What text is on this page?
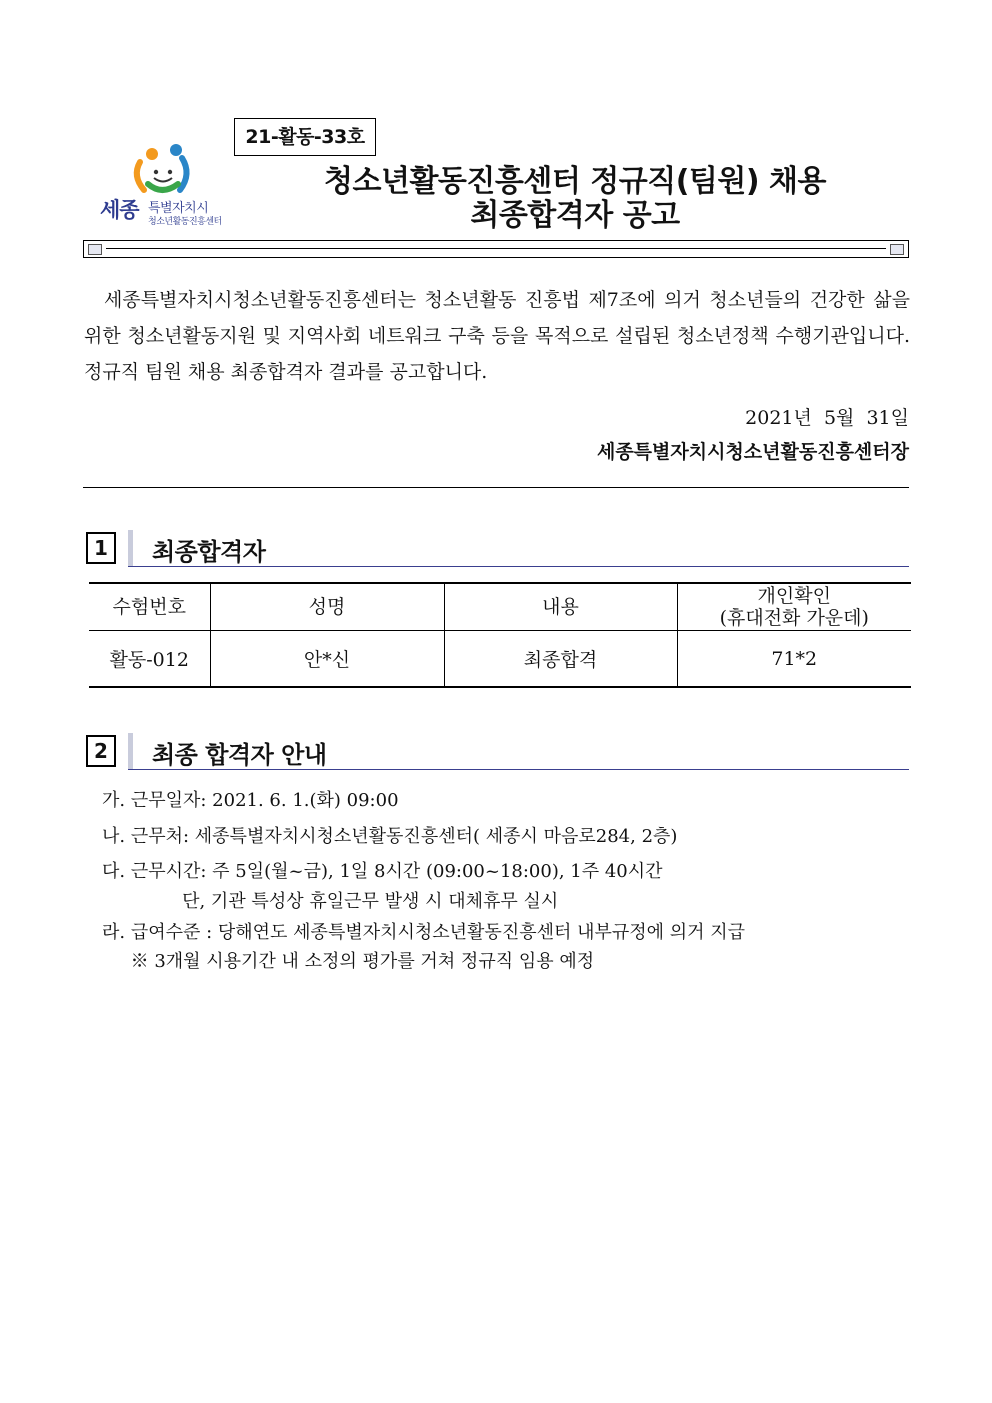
21-활동-33호
세종 특별자치시
청소년활동진흥센터
청소년활동진흥센터 정규직(팀원) 채용
최종합격자 공고
세종특별자치시청소년활동진흥센터는 청소년활동 진흥법 제7조에 의거 청소년들의 건강한 삶을 위한 청소년활동지원 및 지역사회 네트워크 구축 등을 목적으로 설립된 청소년정책 수행기관입니다. 정규직 팀원 채용 최종합격자 결과를 공고합니다.
2021년  5월  31일
세종특별자치시청소년활동진흥센터장
1	최종합격자
수험번호	성명	내용	개인확인
(휴대전화 가운데)

활동-012	안*신	최종합격	71*2
2	최종 합격자 안내
가. 근무일자: 2021. 6. 1.(화) 09:00
나. 근무처: 세종특별자치시청소년활동진흥센터( 세종시 마음로284, 2층)
다. 근무시간: 주 5일(월~금), 1일 8시간 (09:00~18:00), 1주 40시간
단, 기관 특성상 휴일근무 발생 시 대체휴무 실시
라. 급여수준 : 당해연도 세종특별자치시청소년활동진흥센터 내부규정에 의거 지급
※ 3개월 시용기간 내 소정의 평가를 거쳐 정규직 임용 예정
